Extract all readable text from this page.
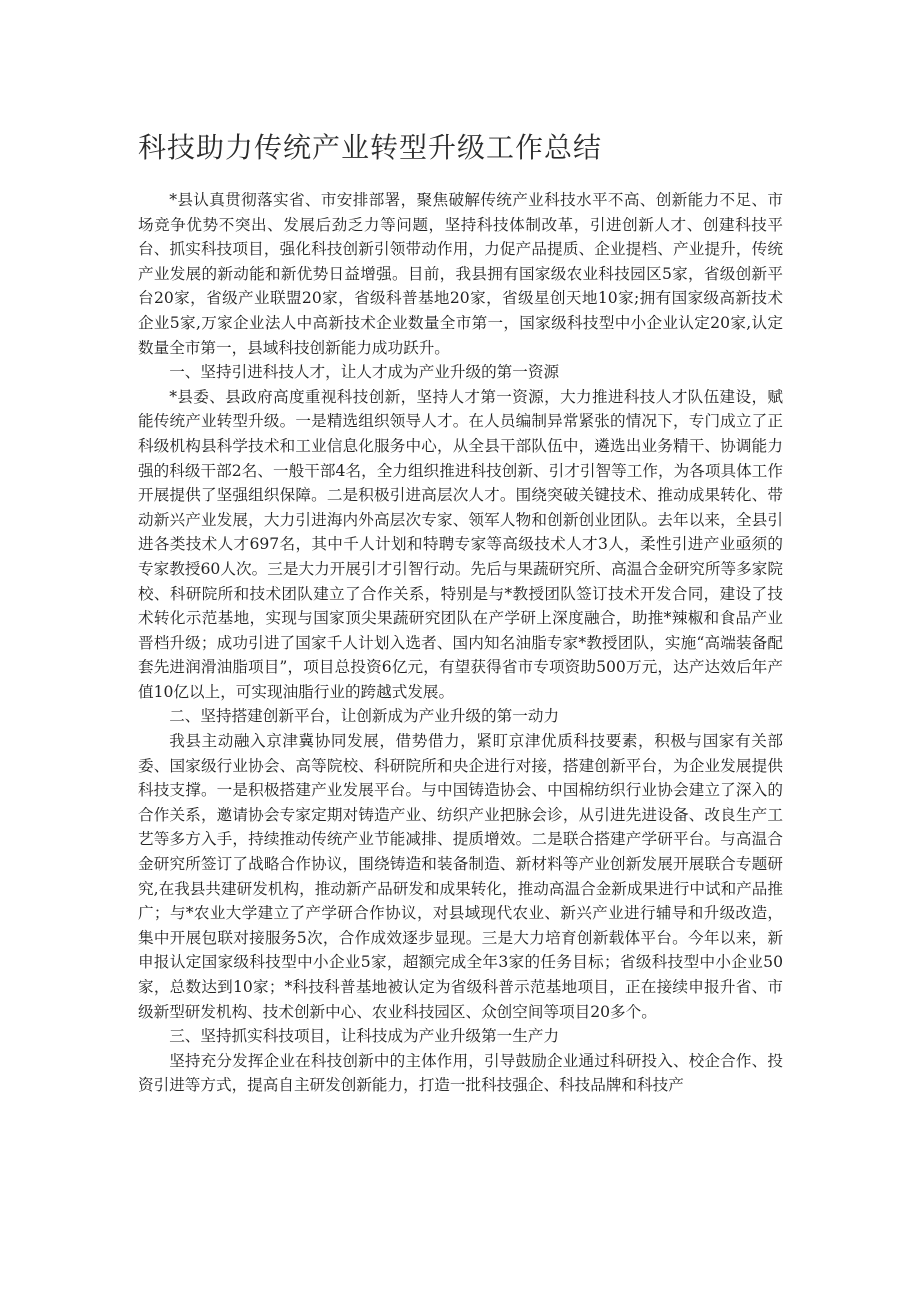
科技助力传统产业转型升级工作总结

*县认真贯彻落实省、市安排部署，聚焦破解传统产业科技水平不高、创新能力不足、市场竞争优势不突出、发展后劲乏力等问题，坚持科技体制改革，引进创新人才、创建科技平台、抓实科技项目，强化科技创新引领带动作用，力促产品提质、企业提档、产业提升，传统产业发展的新动能和新优势日益增强。目前，我县拥有国家级农业科技园区5家，省级创新平台20家，省级产业联盟20家，省级科普基地20家，省级星创天地10家;拥有国家级高新技术企业5家,万家企业法人中高新技术企业数量全市第一，国家级科技型中小企业认定20家,认定数量全市第一，县域科技创新能力成功跃升。

一、坚持引进科技人才，让人才成为产业升级的第一资源

*县委、县政府高度重视科技创新，坚持人才第一资源，大力推进科技人才队伍建设，赋能传统产业转型升级。一是精选组织领导人才。在人员编制异常紧张的情况下，专门成立了正科级机构县科学技术和工业信息化服务中心，从全县干部队伍中，遴选出业务精干、协调能力强的科级干部2名、一般干部4名，全力组织推进科技创新、引才引智等工作，为各项具体工作开展提供了坚强组织保障。二是积极引进高层次人才。围绕突破关键技术、推动成果转化、带动新兴产业发展，大力引进海内外高层次专家、领军人物和创新创业团队。去年以来，全县引进各类技术人才697名，其中千人计划和特聘专家等高级技术人才3人，柔性引进产业亟须的专家教授60人次。三是大力开展引才引智行动。先后与果蔬研究所、高温合金研究所等多家院校、科研院所和技术团队建立了合作关系，特别是与*教授团队签订技术开发合同，建设了技术转化示范基地，实现与国家顶尖果蔬研究团队在产学研上深度融合，助推*辣椒和食品产业晋档升级；成功引进了国家千人计划入选者、国内知名油脂专家*教授团队，实施“高端装备配套先进润滑油脂项目”，项目总投资6亿元，有望获得省市专项资助500万元，达产达效后年产值10亿以上，可实现油脂行业的跨越式发展。

二、坚持搭建创新平台，让创新成为产业升级的第一动力

我县主动融入京津冀协同发展，借势借力，紧盯京津优质科技要素，积极与国家有关部委、国家级行业协会、高等院校、科研院所和央企进行对接，搭建创新平台，为企业发展提供科技支撑。一是积极搭建产业发展平台。与中国铸造协会、中国棉纺织行业协会建立了深入的合作关系，邀请协会专家定期对铸造产业、纺织产业把脉会诊，从引进先进设备、改良生产工艺等多方入手，持续推动传统产业节能减排、提质增效。二是联合搭建产学研平台。与高温合金研究所签订了战略合作协议，围绕铸造和装备制造、新材料等产业创新发展开展联合专题研究,在我县共建研发机构，推动新产品研发和成果转化，推动高温合金新成果进行中试和产品推广；与*农业大学建立了产学研合作协议，对县域现代农业、新兴产业进行辅导和升级改造，集中开展包联对接服务5次，合作成效逐步显现。三是大力培育创新载体平台。今年以来，新申报认定国家级科技型中小企业5家，超额完成全年3家的任务目标；省级科技型中小企业50家，总数达到10家；*科技科普基地被认定为省级科普示范基地项目，正在接续申报升省、市级新型研发机构、技术创新中心、农业科技园区、众创空间等项目20多个。

三、坚持抓实科技项目，让科技成为产业升级第一生产力

坚持充分发挥企业在科技创新中的主体作用，引导鼓励企业通过科研投入、校企合作、投资引进等方式，提高自主研发创新能力，打造一批科技强企、科技品牌和科技产
